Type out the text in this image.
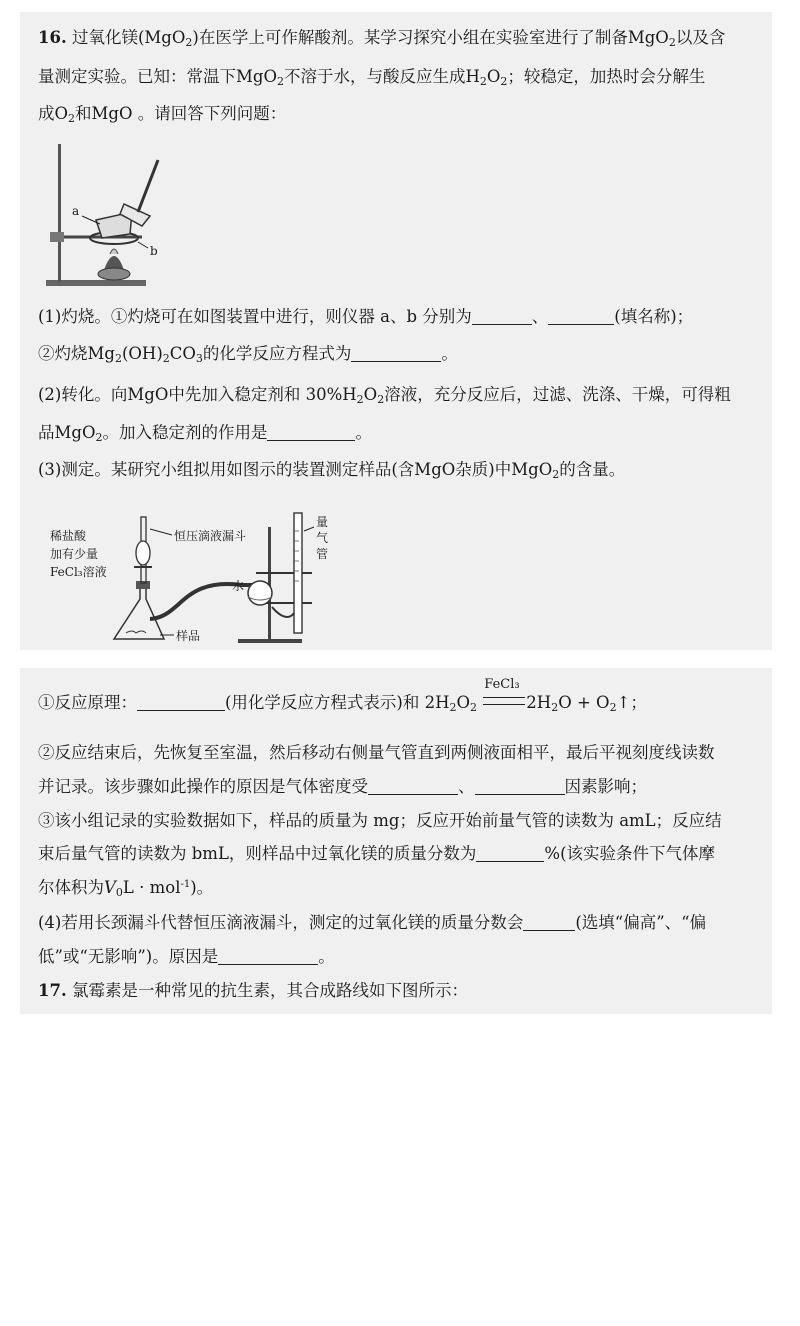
16. 过氧化镁(MgO$_2$)在医学上可作解酸剂。某学习探究小组在实验室进行了制备MgO$_2$以及含
量测定实验。已知：常温下MgO$_2$不溶于水，与酸反应生成$H_2O_2$；较稳定，加热时会分解生
成$O_2$和MgO 。请回答下列问题：
a
b
(1)灼烧。①灼烧可在如图装置中进行，则仪器 a、b 分别为	、	(填名称)；
②灼烧$Mg_2(OH)_2CO_3$的化学反应方程式为	。
(2)转化。向MgO中先加入稳定剂和 $30\%H_2O_2$溶液，充分反应后，过滤、洗涤、干燥，可得粗
品MgO$_2$。加入稳定剂的作用是	。
(3)测定。某研究小组拟用如图示的装置测定样品(含MgO杂质)中MgO$_2$的含量。
稀盐酸
加有少量
FeCl₃溶液
恒压滴液漏斗
水
样品
量
气
管
①反应原理：	(用化学反应方程式表示)和 $2H_2O_2$
FeCl₃
$2H_2O$ + $O_2↑$；
②反应结束后，先恢复至室温，然后移动右侧量气管直到两侧液面相平，最后平视刻度线读数
并记录。该步骤如此操作的原因是气体密度受	、	因素影响；
③该小组记录的实验数据如下，样品的质量为 mg；反应开始前量气管的读数为 amL；反应结
束后量气管的读数为 bmL，则样品中过氧化镁的质量分数为	%(该实验条件下气体摩
尔体积为$V_0L \cdot mol^{-1}$)。
(4)若用长颈漏斗代替恒压滴液漏斗，测定的过氧化镁的质量分数会	(选填“偏高”、“偏
低”或“无影响”)。原因是	。
17. 氯霉素是一种常见的抗生素，其合成路线如下图所示：
